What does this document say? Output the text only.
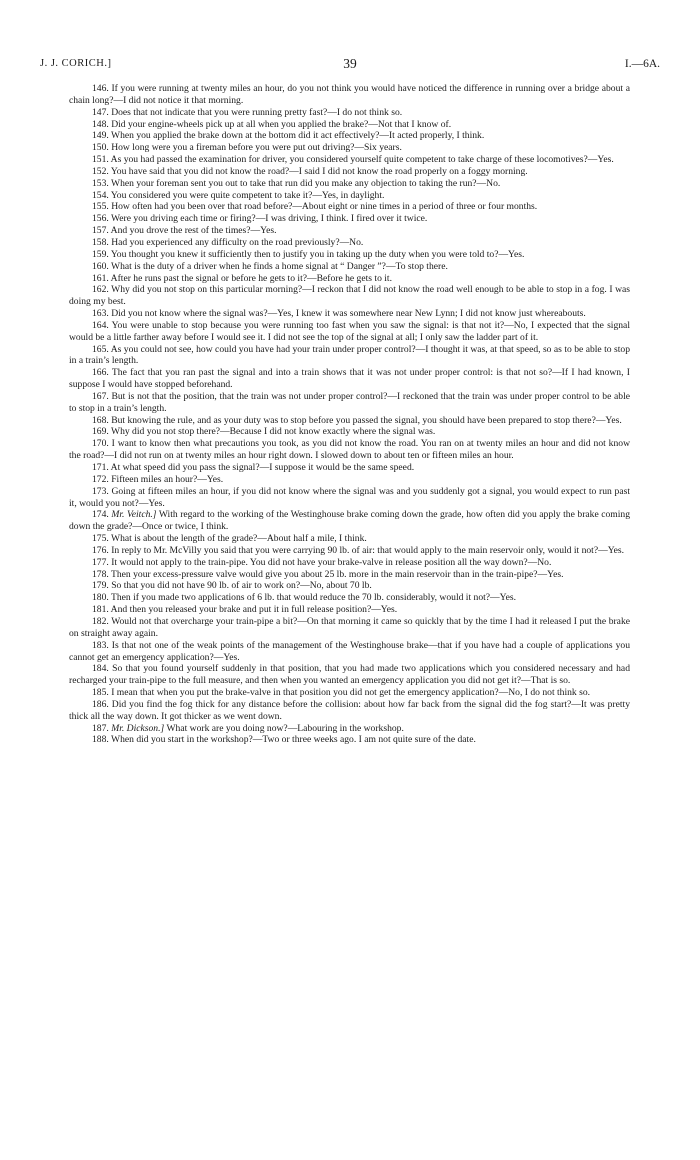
J. J. CORICH.]	39	I.—6A.

146. If you were running at twenty miles an hour, do you not think you would have noticed the difference in running over a bridge about a chain long?—I did not notice it that morning.

147. Does that not indicate that you were running pretty fast?—I do not think so.

148. Did your engine-wheels pick up at all when you applied the brake?—Not that I know of.

149. When you applied the brake down at the bottom did it act effectively?—It acted properly, I think.

150. How long were you a fireman before you were put out driving?—Six years.

151. As you had passed the examination for driver, you considered yourself quite competent to take charge of these locomotives?—Yes.

152. You have said that you did not know the road?—I said I did not know the road properly on a foggy morning.

153. When your foreman sent you out to take that run did you make any objection to taking the run?—No.

154. You considered you were quite competent to take it?—Yes, in daylight.

155. How often had you been over that road before?—About eight or nine times in a period of three or four months.

156. Were you driving each time or firing?—I was driving, I think. I fired over it twice.

157. And you drove the rest of the times?—Yes.

158. Had you experienced any difficulty on the road previously?—No.

159. You thought you knew it sufficiently then to justify you in taking up the duty when you were told to?—Yes.

160. What is the duty of a driver when he finds a home signal at “ Danger ”?—To stop there.

161. After he runs past the signal or before he gets to it?—Before he gets to it.

162. Why did you not stop on this particular morning?—I reckon that I did not know the road well enough to be able to stop in a fog. I was doing my best.

163. Did you not know where the signal was?—Yes, I knew it was somewhere near New Lynn; I did not know just whereabouts.

164. You were unable to stop because you were running too fast when you saw the signal: is that not it?—No, I expected that the signal would be a little farther away before I would see it. I did not see the top of the signal at all; I only saw the ladder part of it.

165. As you could not see, how could you have had your train under proper control?—I thought it was, at that speed, so as to be able to stop in a train’s length.

166. The fact that you ran past the signal and into a train shows that it was not under proper control: is that not so?—If I had known, I suppose I would have stopped beforehand.

167. But is not that the position, that the train was not under proper control?—I reckoned that the train was under proper control to be able to stop in a train’s length.

168. But knowing the rule, and as your duty was to stop before you passed the signal, you should have been prepared to stop there?—Yes.

169. Why did you not stop there?—Because I did not know exactly where the signal was.

170. I want to know then what precautions you took, as you did not know the road. You ran on at twenty miles an hour and did not know the road?—I did not run on at twenty miles an hour right down. I slowed down to about ten or fifteen miles an hour.

171. At what speed did you pass the signal?—I suppose it would be the same speed.

172. Fifteen miles an hour?—Yes.

173. Going at fifteen miles an hour, if you did not know where the signal was and you suddenly got a signal, you would expect to run past it, would you not?—Yes.

174. Mr. Veitch.] With regard to the working of the Westinghouse brake coming down the grade, how often did you apply the brake coming down the grade?—Once or twice, I think.

175. What is about the length of the grade?—About half a mile, I think.

176. In reply to Mr. McVilly you said that you were carrying 90 lb. of air: that would apply to the main reservoir only, would it not?—Yes.

177. It would not apply to the train-pipe. You did not have your brake-valve in release position all the way down?—No.

178. Then your excess-pressure valve would give you about 25 lb. more in the main reservoir than in the train-pipe?—Yes.

179. So that you did not have 90 lb. of air to work on?—No, about 70 lb.

180. Then if you made two applications of 6 lb. that would reduce the 70 lb. considerably, would it not?—Yes.

181. And then you released your brake and put it in full release position?—Yes.

182. Would not that overcharge your train-pipe a bit?—On that morning it came so quickly that by the time I had it released I put the brake on straight away again.

183. Is that not one of the weak points of the management of the Westinghouse brake—that if you have had a couple of applications you cannot get an emergency application?—Yes.

184. So that you found yourself suddenly in that position, that you had made two applications which you considered necessary and had recharged your train-pipe to the full measure, and then when you wanted an emergency application you did not get it?—That is so.

185. I mean that when you put the brake-valve in that position you did not get the emergency application?—No, I do not think so.

186. Did you find the fog thick for any distance before the collision: about how far back from the signal did the fog start?—It was pretty thick all the way down. It got thicker as we went down.

187. Mr. Dickson.] What work are you doing now?—Labouring in the workshop.

188. When did you start in the workshop?—Two or three weeks ago. I am not quite sure of the date.
